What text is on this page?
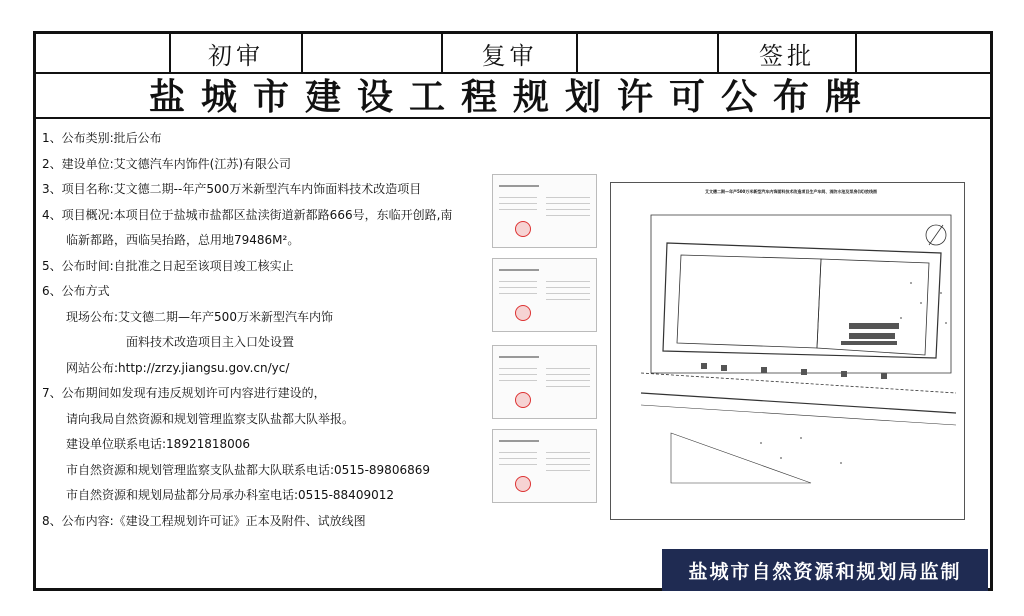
初审	复审	签批
盐城市建设工程规划许可公布牌
1、公布类别:批后公布
2、建设单位:艾文德汽车内饰件(江苏)有限公司
3、项目名称:艾文德二期--年产500万米新型汽车内饰面料技术改造项目
4、项目概况:本项目位于盐城市盐都区盐渎街道新都路666号，东临开创路,南
临新都路，西临吴抬路，总用地79486M²。
5、公布时间:自批准之日起至该项目竣工核实止
6、公布方式
现场公布:艾文德二期—年产500万米新型汽车内饰
面料技术改造项目主入口处设置
网站公布:http://zrzy.jiangsu.gov.cn/yc/
7、公布期间如发现有违反规划许可内容进行建设的，
请向我局自然资源和规划管理监察支队盐都大队举报。
建设单位联系电话:18921818006
市自然资源和规划管理监察支队盐都大队联系电话:0515-89806869
市自然资源和规划局盐都分局承办科室电话:0515-88409012
8、公布内容:《建设工程规划许可证》正本及附件、试放线图
艾文德二期—年产500万米新型汽车内饰面料技术改造项目生产车间、消防水池及泵房(试)放线图
盐城市自然资源和规划局监制
